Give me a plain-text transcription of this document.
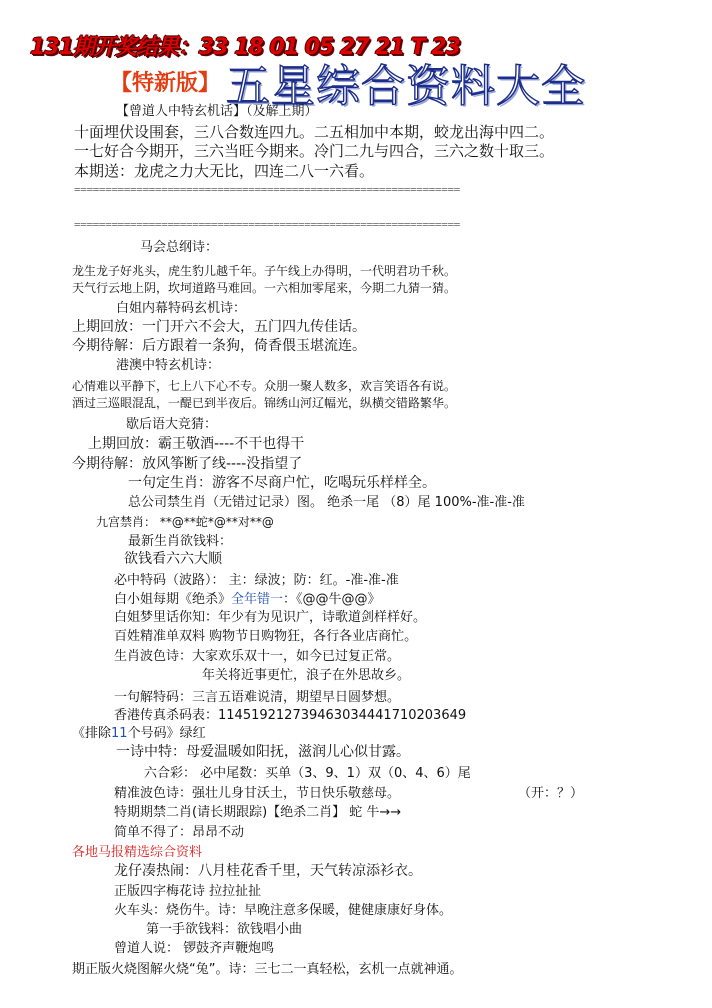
131期开奖结果：33 18 01 05 27 21 T 23
【特新版】 五星综合资料大全
【曾道人中特玄机话】（及解上期）
十面埋伏设围套，三八合数连四九。二五相加中本期，蛟龙出海中四二。
一七好合今期开，三六当旺今期来。冷门二九与四合，三六之数十取三。
本期送：龙虎之力大无比，四连二八一六看。
==============================================================
==============================================================
马会总纲诗：
龙生龙子好兆头，虎生豹儿越千年。子午线上办得明，一代明君功千秋。
天气行云地上阴，坎坷道路马难回。一六相加零尾来，今期二九猜一猜。
白姐内幕特码玄机诗：
上期回放：一门开六不会大，五门四九传佳话。
今期待解：后方跟着一条狗，倚香偎玉堪流连。
港澳中特玄机诗：
心情难以平静下，七上八下心不专。众朋一聚人数多，欢言笑语各有说。
酒过三巡眼混乱，一醍已到半夜后。锦绣山河辽幅光，纵横交错路繁华。
歇后语大竞猜：
上期回放：霸王敬酒----不干也得干
今期待解：放风筝断了线----没指望了
一句定生肖：游客不尽商户忙，吃喝玩乐样样全。
总公司禁生肖（无错过记录）图。 绝杀一尾 （8）尾 100%-准-准-准
九宫禁肖： **@**蛇*@**对**@
最新生肖欲钱料：
欲钱看六六大顺
必中特码（波路）： 主：绿波；防：红。-准-准-准
白小姐每期《绝杀》全年错一：《@@牛@@》
白姐梦里话你知：年少有为见识广，诗歌道剑样样好。
百姓精准单双料 购物节日购物狂，各行各业店商忙。
生肖波色诗：大家欢乐双十一，如今已过复正常。
年关将近事更忙，浪子在外思故乡。
一句解特码：三言五语难说清，期望早日圆梦想。
香港传真杀码表：11451921273946303444171020364​9
《排除11个号码》绿红
一诗中特：母爱温暖如阳抚，滋润儿心似甘露。
六合彩： 必中尾数：买单（3、9、1）双（0、4、6）尾
精准波色诗：强壮儿身甘沃土，节日快乐敬慈母。	（开：？）
特期期禁二肖(请长期跟踪)【绝杀二肖】 蛇 牛→→
简单不得了：昂昂不动
各地马报精选综合资料
龙仔凑热闹：八月桂花香千里，天气转凉添衫衣。
正版四字梅花诗 拉拉扯扯
火车头：烧伤牛。诗：早晚注意多保暖，健健康康好身体。
第一手欲钱料：欲钱唱小曲
曾道人说： 锣鼓齐声鞭炮鸣
期正版火烧图解火烧“兔”。诗：三七二一真轻松，玄机一点就神通。
